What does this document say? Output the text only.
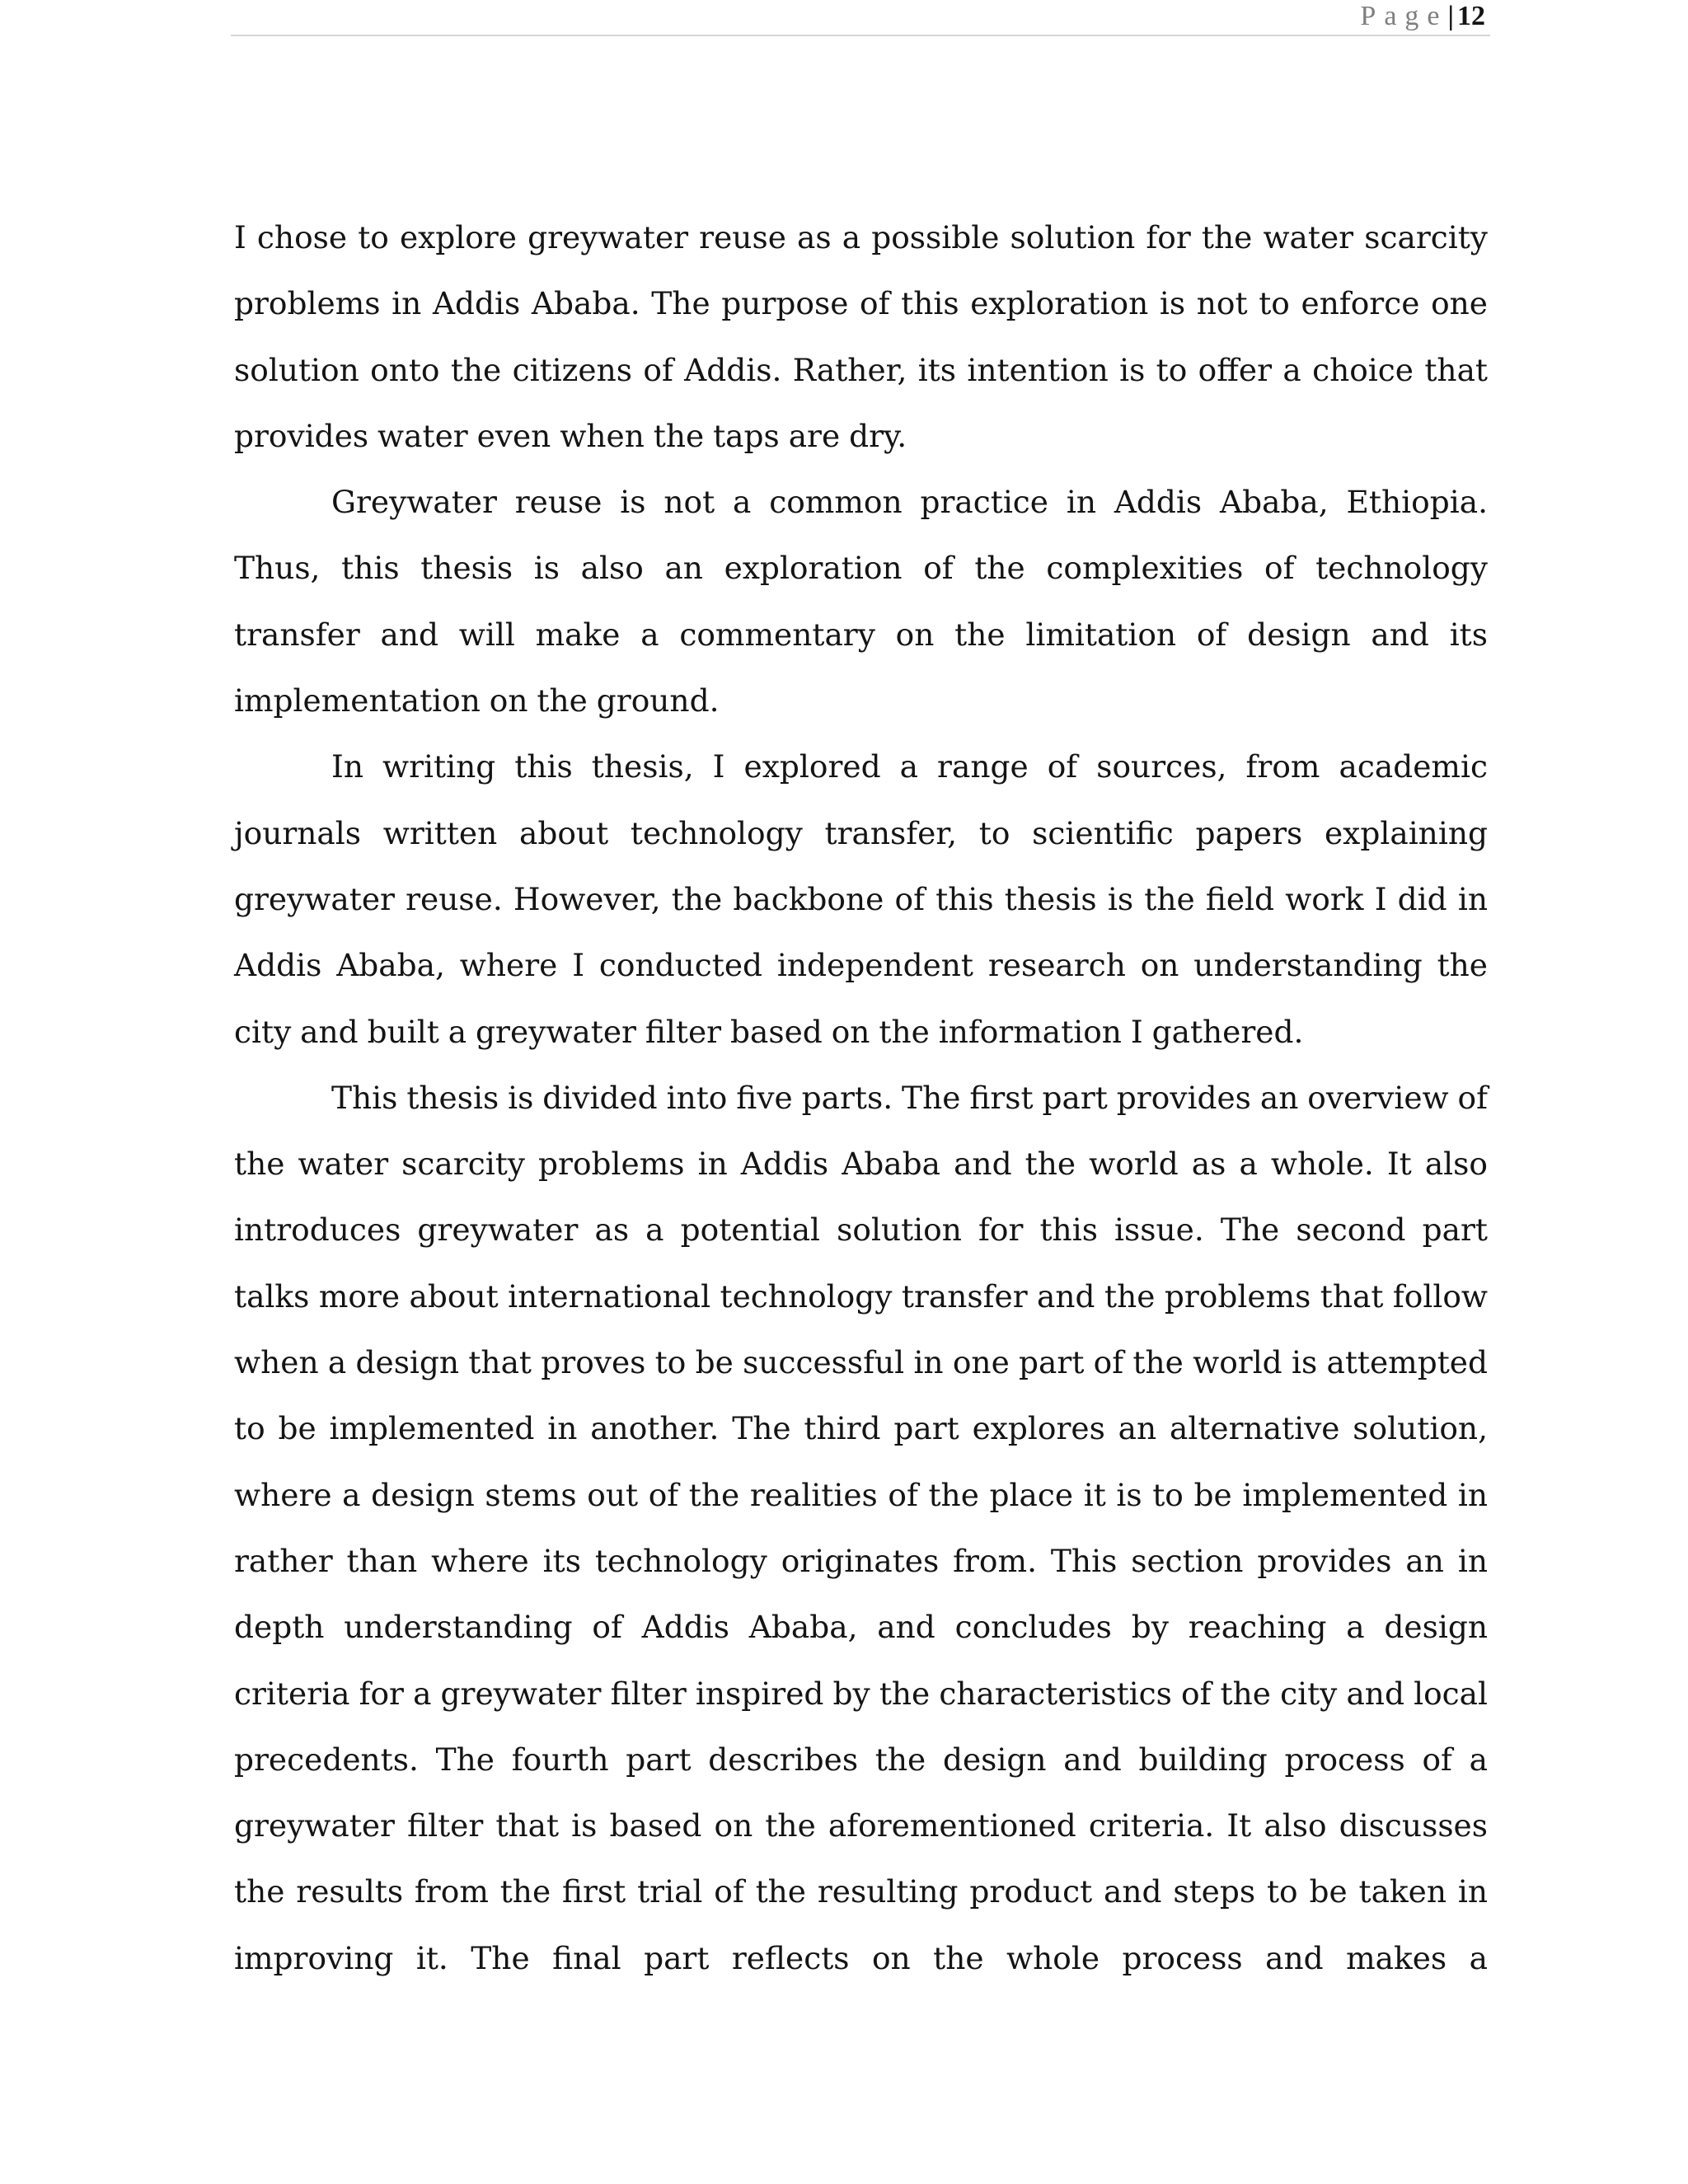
Page| 12

I chose to explore greywater reuse as a possible solution for the water scarcity problems in Addis Ababa. The purpose of this exploration is not to enforce one solution onto the citizens of Addis. Rather, its intention is to offer a choice that provides water even when the taps are dry.

Greywater reuse is not a common practice in Addis Ababa, Ethiopia. Thus, this thesis is also an exploration of the complexities of technology transfer and will make a commentary on the limitation of design and its implementation on the ground.

In writing this thesis, I explored a range of sources, from academic journals written about technology transfer, to scientific papers explaining greywater reuse. However, the backbone of this thesis is the field work I did in Addis Ababa, where I conducted independent research on understanding the city and built a greywater filter based on the information I gathered.

This thesis is divided into five parts. The first part provides an overview of the water scarcity problems in Addis Ababa and the world as a whole. It also introduces greywater as a potential solution for this issue. The second part talks more about international technology transfer and the problems that follow when a design that proves to be successful in one part of the world is attempted to be implemented in another. The third part explores an alternative solution, where a design stems out of the realities of the place it is to be implemented in rather than where its technology originates from. This section provides an in depth understanding of Addis Ababa, and concludes by reaching a design criteria for a greywater filter inspired by the characteristics of the city and local precedents. The fourth part describes the design and building process of a greywater filter that is based on the aforementioned criteria. It also discusses the results from the first trial of the resulting product and steps to be taken in improving it. The final part reflects on the whole process and makes a
